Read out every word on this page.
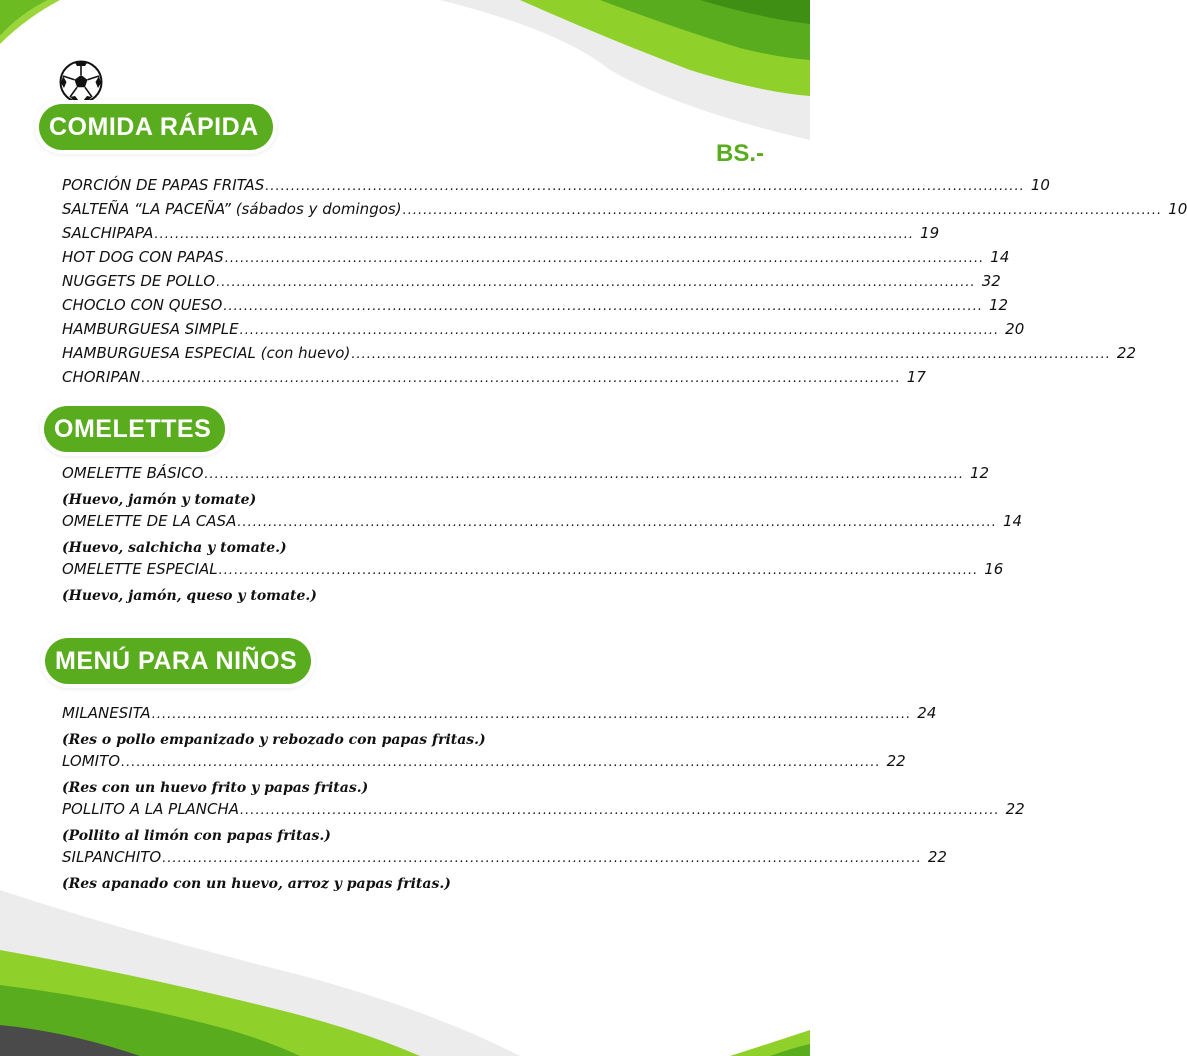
COMIDA RÁPIDA
BS.-
PORCIÓN DE PAPAS FRITAS .................................................................................................................................................... 10
SALTEÑA “LA PACEÑA” (sábados y domingos) .................................................................................................................................................... 10
SALCHIPAPA .................................................................................................................................................... 19
HOT DOG CON PAPAS .................................................................................................................................................... 14
NUGGETS DE POLLO .................................................................................................................................................... 32
CHOCLO CON QUESO .................................................................................................................................................... 12
HAMBURGUESA SIMPLE .................................................................................................................................................... 20
HAMBURGUESA ESPECIAL (con huevo) .................................................................................................................................................... 22
CHORIPAN .................................................................................................................................................... 17
OMELETTES
OMELETTE BÁSICO .................................................................................................................................................... 12
(Huevo, jamón y tomate)
OMELETTE DE LA CASA .................................................................................................................................................... 14
(Huevo, salchicha y tomate.)
OMELETTE ESPECIAL .................................................................................................................................................... 16
(Huevo, jamón, queso y tomate.)
MENÚ PARA NIÑOS
MILANESITA .................................................................................................................................................... 24
(Res o pollo empanizado y rebozado con papas fritas.)
LOMITO .................................................................................................................................................... 22
(Res con un huevo frito y papas fritas.)
POLLITO A LA PLANCHA .................................................................................................................................................... 22
(Pollito al limón con papas fritas.)
SILPANCHITO .................................................................................................................................................... 22
(Res apanado con un huevo, arroz y papas fritas.)
